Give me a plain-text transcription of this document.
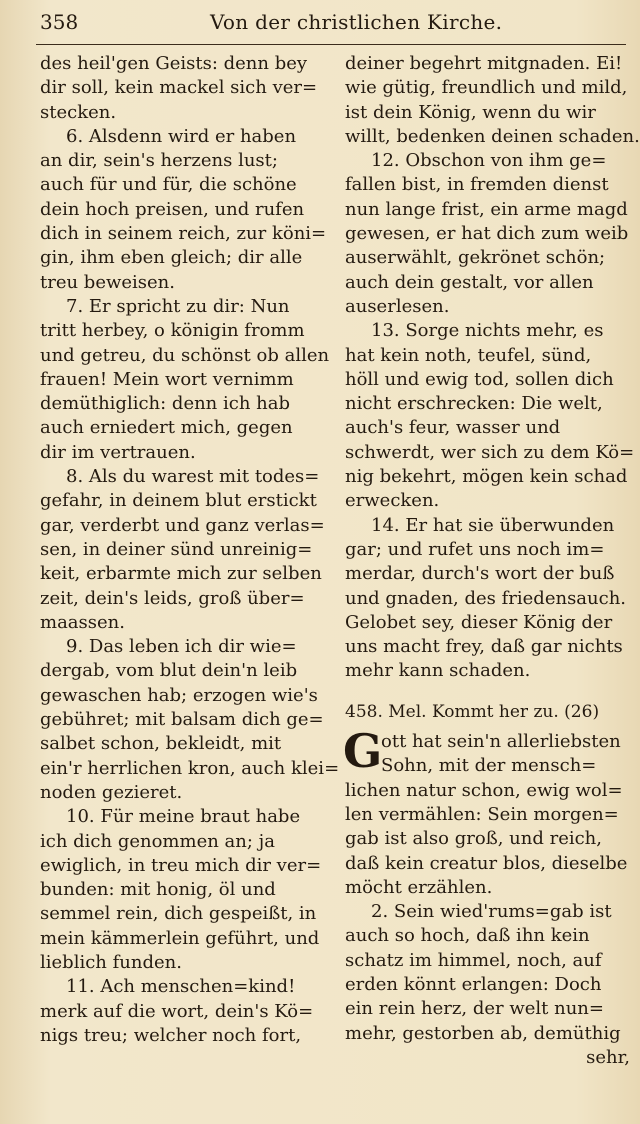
358	Von der christlichen Kirche.
des heil'gen Geists: denn bey
dir soll, kein mackel sich ver=
stecken.
6. Alsdenn wird er haben
an dir, sein's herzens lust;
auch für und für, die schöne
dein hoch preisen, und rufen
dich in seinem reich, zur köni=
gin, ihm eben gleich; dir alle
treu beweisen.
7. Er spricht zu dir: Nun
tritt herbey, o königin fromm
und getreu, du schönst ob allen
frauen! Mein wort vernimm
demüthiglich: denn ich hab
auch erniedert mich, gegen
dir im vertrauen.
8. Als du warest mit todes=
gefahr, in deinem blut erstickt
gar, verderbt und ganz verlas=
sen, in deiner sünd unreinig=
keit, erbarmte mich zur selben
zeit, dein's leids, groß über=
maassen.
9. Das leben ich dir wie=
dergab, vom blut dein'n leib
gewaschen hab; erzogen wie's
gebühret; mit balsam dich ge=
salbet schon, bekleidt, mit
ein'r herrlichen kron, auch klei=
noden gezieret.
10. Für meine braut habe
ich dich genommen an; ja
ewiglich, in treu mich dir ver=
bunden: mit honig, öl und
semmel rein, dich gespeißt, in
mein kämmerlein geführt, und
lieblich funden.
11. Ach menschen=kind!
merk auf die wort, dein's Kö=
nigs treu; welcher noch fort,
deiner begehrt mitgnaden. Ei!
wie gütig, freundlich und mild,
ist dein König, wenn du wir
willt, bedenken deinen schaden.
12. Obschon von ihm ge=
fallen bist, in fremden dienst
nun lange frist, ein arme magd
gewesen, er hat dich zum weib
auserwählt, gekrönet schön;
auch dein gestalt, vor allen
auserlesen.
13. Sorge nichts mehr, es
hat kein noth, teufel, sünd,
höll und ewig tod, sollen dich
nicht erschrecken: Die welt,
auch's feur, wasser und
schwerdt, wer sich zu dem Kö=
nig bekehrt, mögen kein schad
erwecken.
14. Er hat sie überwunden
gar; und rufet uns noch im=
merdar, durch's wort der buß
und gnaden, des friedensauch.
Gelobet sey, dieser König der
uns macht frey, daß gar nichts
mehr kann schaden.
458. Mel. Kommt her zu. (26)
G
ott hat sein'n allerliebsten
Sohn, mit der mensch=
lichen natur schon, ewig wol=
len vermählen: Sein morgen=
gab ist also groß, und reich,
daß kein creatur blos, dieselbe
möcht erzählen.
2. Sein wied'rums=gab ist
auch so hoch, daß ihn kein
schatz im himmel, noch, auf
erden könnt erlangen: Doch
ein rein herz, der welt nun=
mehr, gestorben ab, demüthig
sehr,
